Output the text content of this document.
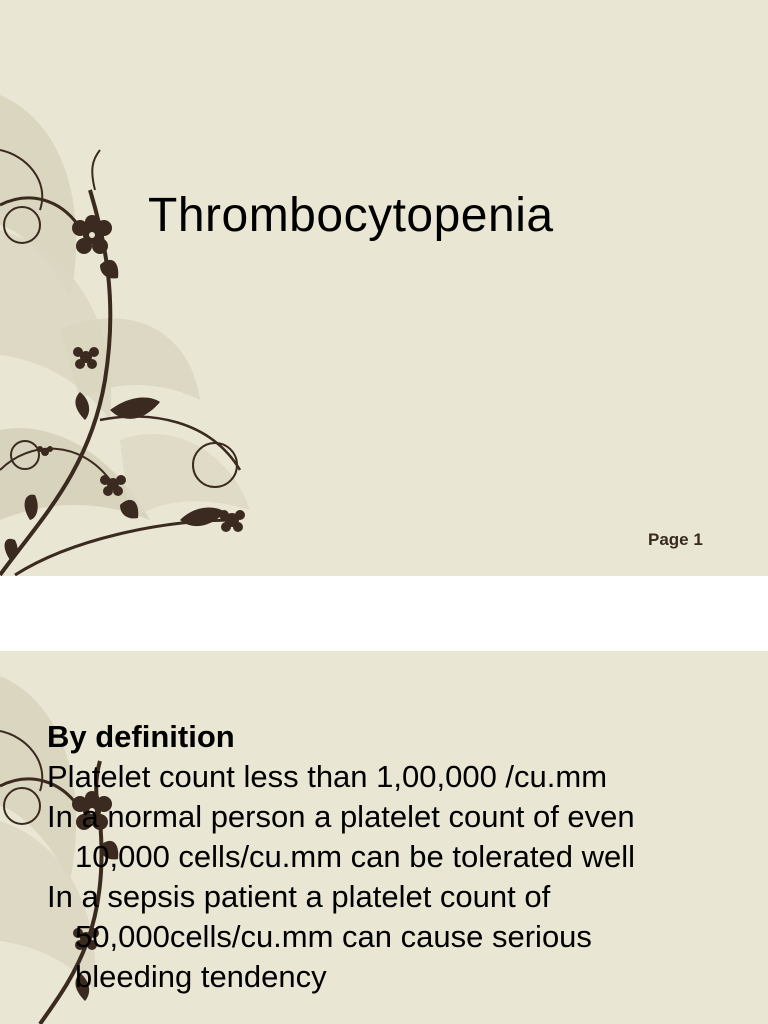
Thrombocytopenia
Page 1
By definition
Platelet count less than 1,00,000 /cu.mm
In a normal person a platelet count of even
10,000 cells/cu.mm can be tolerated well
In a sepsis patient a platelet count of
50,000cells/cu.mm can cause serious
bleeding tendency
